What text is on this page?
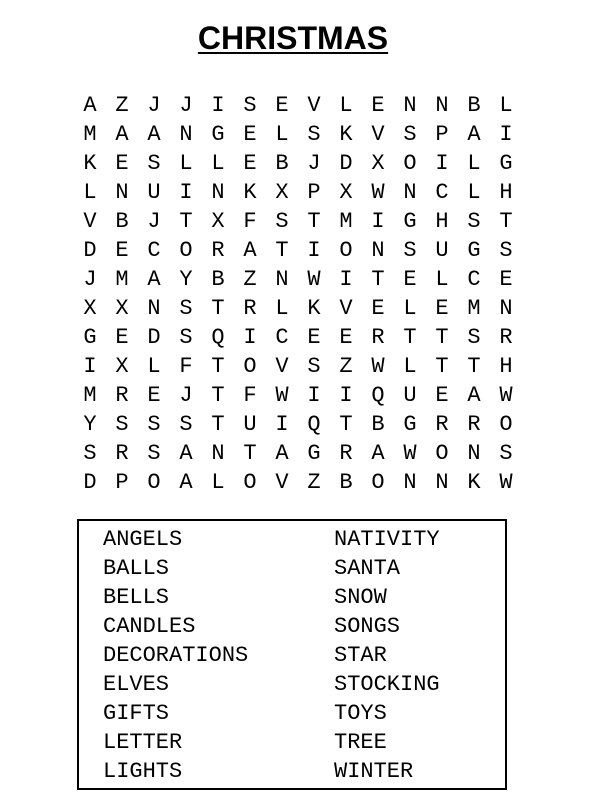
CHRISTMAS
A Z J J I S E V L E N N B L
M A A N G E L S K V S P A I
K E S L L E B J D X O I L G
L N U I N K X P X W N C L H
V B J T X F S T M I G H S T
D E C O R A T I O N S U G S
J M A Y B Z N W I T E L C E
X X N S T R L K V E L E M N
G E D S Q I C E E R T T S R
I X L F T O V S Z W L T T H
M R E J T F W I I Q U E A W
Y S S S T U I Q T B G R R O
S R S A N T A G R A W O N S
D P O A L O V Z B O N N K W
ANGELS
BALLS
BELLS
CANDLES
DECORATIONS
ELVES
GIFTS
LETTER
LIGHTS
NATIVITY
SANTA
SNOW
SONGS
STAR
STOCKING
TOYS
TREE
WINTER
